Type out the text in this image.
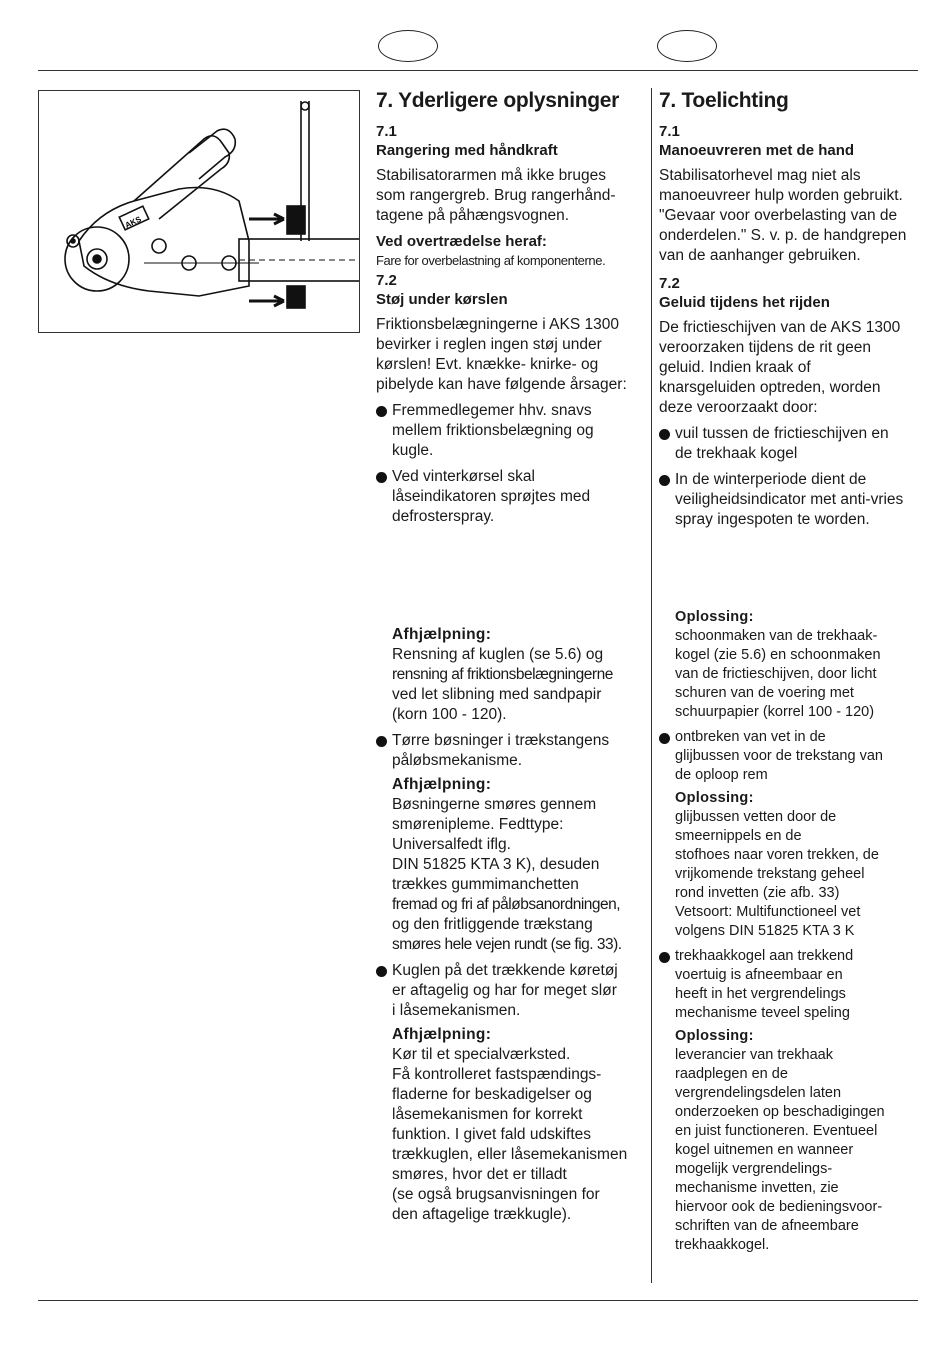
AKS
7. Yderligere oplysninger

7.1

Rangering med håndkraft

Stabilisatorarmen må ikke bruges

som rangergreb. Brug rangerhånd-

tagene på påhængsvognen.

Ved overtrædelse heraf:

Fare for overbelastning af komponenterne.

7.2

Støj under kørslen

Friktionsbelægningerne i AKS 1300

bevirker i reglen ingen støj under

kørslen! Evt. knække- knirke- og

pibelyde kan have følgende årsager:

Fremmedlegemer hhv. snavs

mellem friktionsbelægning og

kugle.

Ved vinterkørsel skal

låseindikatoren sprøjtes med

defrosterspray.

Afhjælpning:

Rensning af kuglen (se 5.6) og

rensning af friktionsbelægningerne

ved let slibning med sandpapir

(korn 100 - 120).

Tørre bøsninger i trækstangens

påløbsmekanisme.

Afhjælpning:

Bøsningerne smøres gennem

smørenipleme. Fedttype:

Universalfedt iflg.

DIN 51825 KTA 3 K), desuden

trækkes gummimanchetten

fremad og fri af påløbsanordningen,

og den fritliggende trækstang

smøres hele vejen rundt (se fig. 33).

Kuglen på det trækkende køretøj

er aftagelig og har for meget slør

i låsemekanismen.

Afhjælpning:

Kør til et specialværksted.

Få kontrolleret fastspændings-

fladerne for beskadigelser og

låsemekanismen for korrekt

funktion. I givet fald udskiftes

trækkuglen, eller låsemekanismen

smøres, hvor det er tilladt

(se også brugsanvisningen for

den aftagelige trækkugle).

7. Toelichting

7.1

Manoeuvreren met de hand

Stabilisatorhevel mag niet als

manoeuvreer hulp worden gebruikt.

"Gevaar voor overbelasting van de

onderdelen." S. v. p. de handgrepen

van de aanhanger gebruiken.

7.2

Geluid tijdens het rijden

De frictieschijven van de AKS 1300

veroorzaken tijdens de rit geen

geluid. Indien kraak of

knarsgeluiden optreden, worden

deze veroorzaakt door:

vuil tussen de frictieschijven en

de trekhaak kogel

In de winterperiode dient de

veiligheidsindicator met anti-vries

spray ingespoten te worden.

Oplossing:

schoonmaken van de trekhaak-

kogel (zie 5.6) en schoonmaken

van de frictieschijven, door licht

schuren van de voering met

schuurpapier (korrel 100 - 120)

ontbreken van vet in de

glijbussen voor de trekstang van

de oploop rem

Oplossing:

glijbussen vetten door de

smeernippels en de

stofhoes naar voren trekken, de

vrijkomende trekstang geheel

rond invetten (zie afb. 33)

Vetsoort: Multifunctioneel vet

volgens DIN 51825 KTA 3 K

trekhaakkogel aan trekkend

voertuig is afneembaar en

heeft in het vergrendelings

mechanisme teveel speling

Oplossing:

leverancier van trekhaak

raadplegen en de

vergrendelingsdelen laten

onderzoeken op beschadigingen

en juist functioneren. Eventueel

kogel uitnemen en wanneer

mogelijk vergrendelings-

mechanisme invetten, zie

hiervoor ook de bedieningsvoor-

schriften van de afneembare

trekhaakkogel.
